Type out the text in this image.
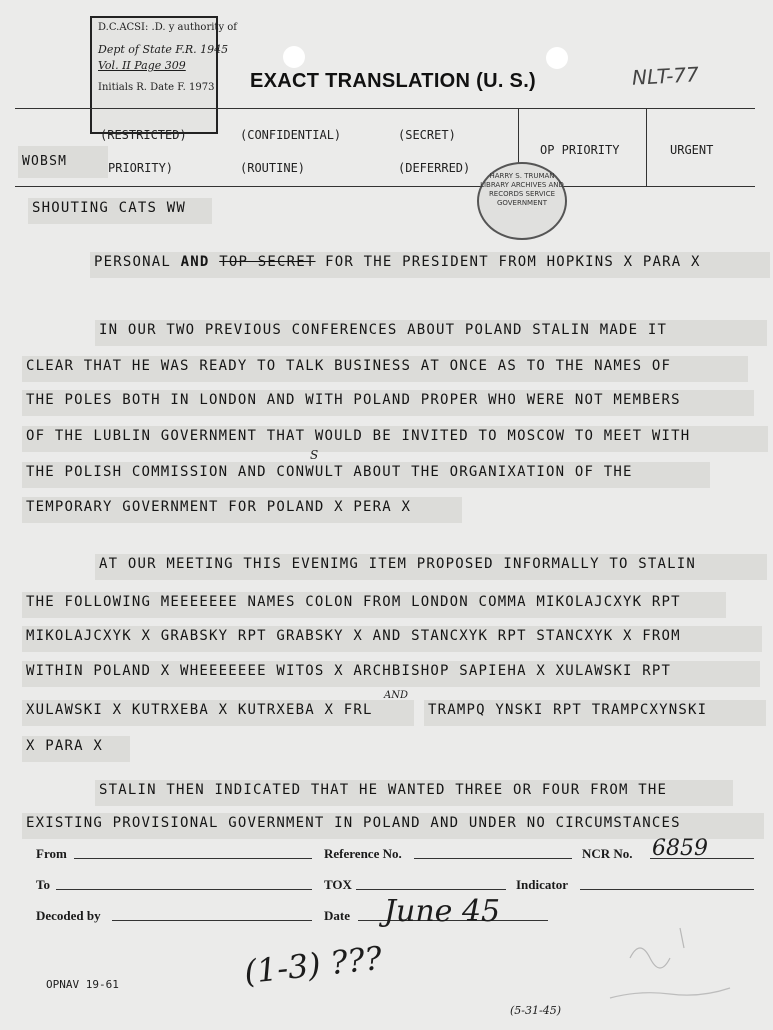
D.C.ACSI: .D. y authority of
Dept of State F.R. 1945
Vol. II Page 309
Initials R. Date F. 1973 EXACT TRANSLATION (U. S.)	NLT-77
(RESTRICTED)	(CONFIDENTIAL)	(SECRET)
OP PRIORITY	URGENT
PRIORITY)	(ROUTINE)	(DEFERRED)
WOBSM
HARRY S. TRUMAN LIBRARY ARCHIVES AND RECORDS SERVICE GOVERNMENT
SHOUTING CATS WW
PERSONAL AND TOP SECRET FOR THE PRESIDENT FROM HOPKINS X PARA X
IN OUR TWO PREVIOUS CONFERENCES ABOUT POLAND STALIN MADE IT
CLEAR THAT HE WAS READY TO TALK BUSINESS AT ONCE AS TO THE NAMES OF
THE POLES BOTH IN LONDON AND WITH POLAND PROPER WHO WERE NOT MEMBERS
OF THE LUBLIN GOVERNMENT THAT WOULD BE INVITED TO MOSCOW TO MEET WITH
THE POLISH COMMISSION AND CONWULT ABOUT THE ORGANIXATION OF THE
TEMPORARY GOVERNMENT FOR POLAND X PERA X
AT OUR MEETING THIS EVENIMG ITEM PROPOSED INFORMALLY TO STALIN
THE FOLLOWING MEEEEEEE NAMES COLON FROM LONDON COMMA MIKOLAJCXYK RPT
MIKOLAJCXYK X GRABSKY RPT GRABSKY X AND STANCXYK RPT STANCXYK X FROM
WITHIN POLAND X WHEEEEEEE WITOS X ARCHBISHOP SAPIEHA X XULAWSKI RPT
XULAWSKI X KUTRXEBA X KUTRXEBA X FRL	TRAMPQ YNSKI RPT TRAMPCXYNSKI
X PARA X
STALIN THEN INDICATED THAT HE WANTED THREE OR FOUR FROM THE
EXISTING PROVISIONAL GOVERNMENT IN POLAND AND UNDER NO CIRCUMSTANCES
S
AND
From	Reference No.	NCR No. 6859
To	TOX	Indicator
Decoded by	Date June 45
(1-3) ???
OPNAV 19-61
(5-31-45)
